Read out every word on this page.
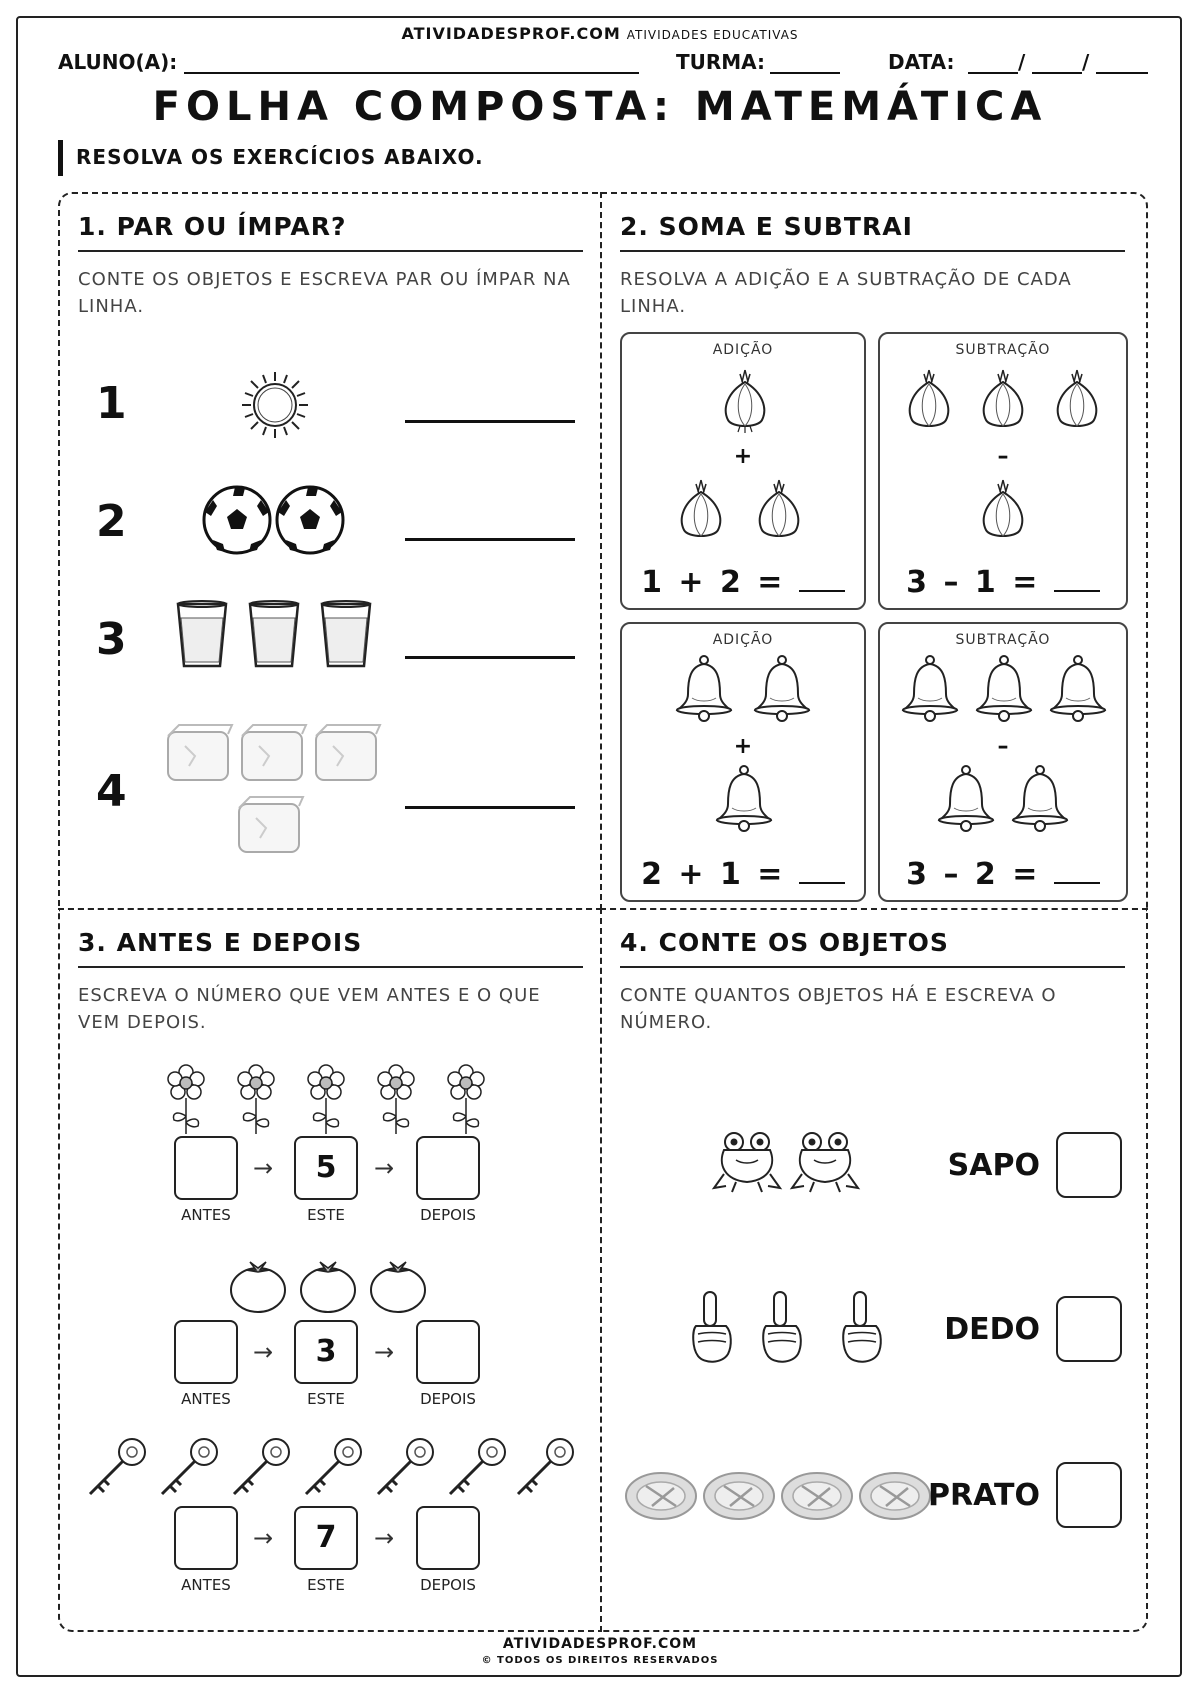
ATIVIDADESPROF.COM ATIVIDADES EDUCATIVAS
ALUNO(A):	TURMA:	DATA:	/	/
FOLHA COMPOSTA: MATEMÁTICA
RESOLVA OS EXERCÍCIOS ABAIXO.
1. PAR OU ÍMPAR?
CONTE OS OBJETOS E ESCREVA PAR OU ÍMPAR NA LINHA.
1
2
3
4
2. SOMA E SUBTRAI
RESOLVA A ADIÇÃO E A SUBTRAÇÃO DE CADA LINHA.
ADIÇÃO
+
1 + 2 =
SUBTRAÇÃO
–
3 – 1 =
ADIÇÃO
+
2 + 1 =
SUBTRAÇÃO
–
3 – 2 =
3. ANTES E DEPOIS
ESCREVA O NÚMERO QUE VEM ANTES E O QUE VEM DEPOIS.
→	5	→
ANTES	ESTE	DEPOIS
→	3	→
ANTES	ESTE	DEPOIS
→	7	→
ANTES	ESTE	DEPOIS
4. CONTE OS OBJETOS
CONTE QUANTOS OBJETOS HÁ E ESCREVA O NÚMERO.
SAPO
DEDO
PRATO
ATIVIDADESPROF.COM
© TODOS OS DIREITOS RESERVADOS
